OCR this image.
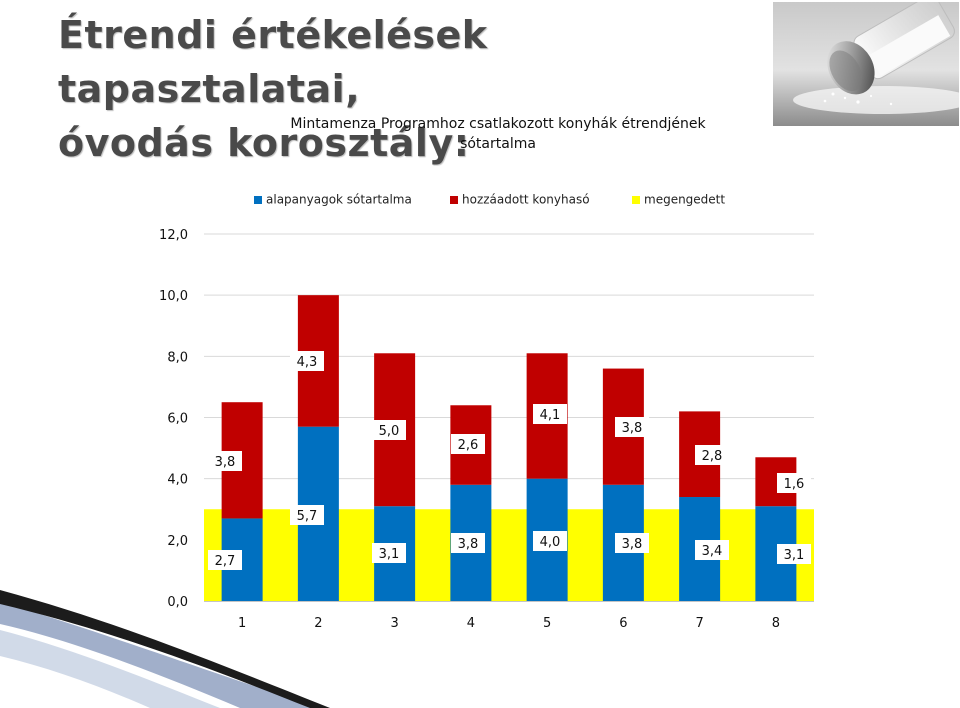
Étrendi értékelések tapasztalatai,
óvodás korosztály:
Mintamenza Programhoz csatlakozott konyhák étrendjének
sótartalma
alapanyagok sótartalma	hozzáadott konyhasó	megengedett
0,0
2,0
4,0
6,0
8,0
10,0
12,0
1	2	3	4	5	6	7	8
2,7
5,7
3,1
3,8	4,0	3,8	3,4	3,1
3,8
4,3
5,0
2,6
4,1
3,8
2,8
1,6
